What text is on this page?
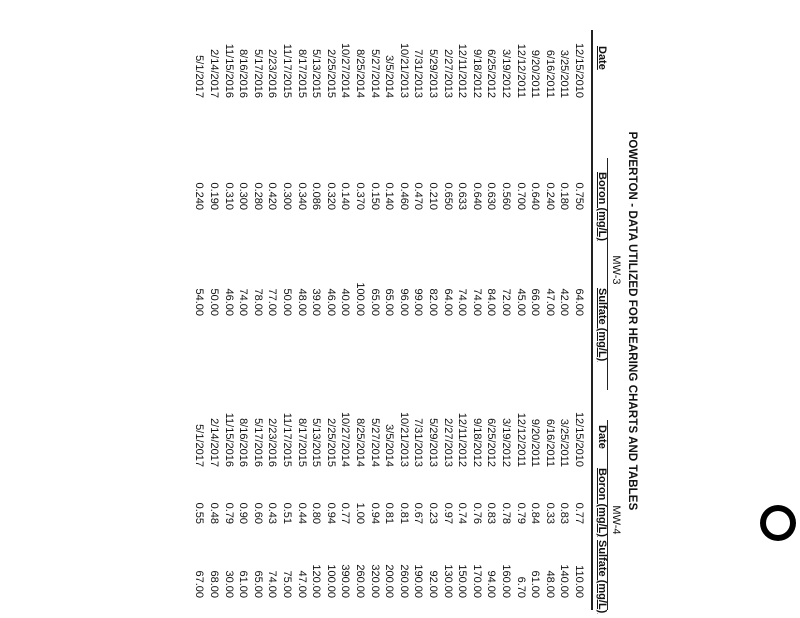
POWERTON - DATA UTILIZED FOR HEARING CHARTS AND TABLES
MW-3
Date
Boron (mg/L)
Sulfate (mg/L)
MW-4
Date
Boron (mg/L)
Sulfate (mg/L)
12/15/2010
0.750
64.00
12/15/2010
0.77
110.00
3/25/2011
0.180
42.00
3/25/2011
0.83
140.00
6/16/2011
0.240
47.00
6/16/2011
0.33
48.00
9/20/2011
0.640
66.00
9/20/2011
0.84
61.00
12/12/2011
0.700
45.00
12/12/2011
0.79
6.70
3/19/2012
0.560
72.00
3/19/2012
0.78
160.00
6/25/2012
0.630
84.00
6/25/2012
0.83
94.00
9/18/2012
0.640
74.00
9/18/2012
0.76
170.00
12/11/2012
0.633
74.00
12/11/2012
0.74
150.00
2/27/2013
0.650
64.00
2/27/2013
0.97
130.00
5/29/2013
0.210
82.00
5/29/2013
0.23
92.00
7/31/2013
0.470
99.00
7/31/2013
0.67
190.00
10/21/2013
0.460
96.00
10/21/2013
0.81
260.00
3/5/2014
0.140
65.00
3/5/2014
0.81
200.00
5/27/2014
0.150
65.00
5/27/2014
0.94
320.00
8/25/2014
0.370
100.00
8/25/2014
1.00
260.00
10/27/2014
0.140
40.00
10/27/2014
0.77
390.00
2/25/2015
0.320
46.00
2/25/2015
0.94
100.00
5/13/2015
0.086
39.00
5/13/2015
0.80
120.00
8/17/2015
0.340
48.00
8/17/2015
0.44
47.00
11/17/2015
0.300
50.00
11/17/2015
0.51
75.00
2/23/2016
0.420
77.00
2/23/2016
0.43
74.00
5/17/2016
0.280
78.00
5/17/2016
0.60
65.00
8/16/2016
0.300
74.00
8/16/2016
0.90
61.00
11/15/2016
0.310
46.00
11/15/2016
0.79
30.00
2/14/2017
0.190
50.00
2/14/2017
0.48
68.00
5/1/2017
0.240
54.00
5/1/2017
0.55
67.00
